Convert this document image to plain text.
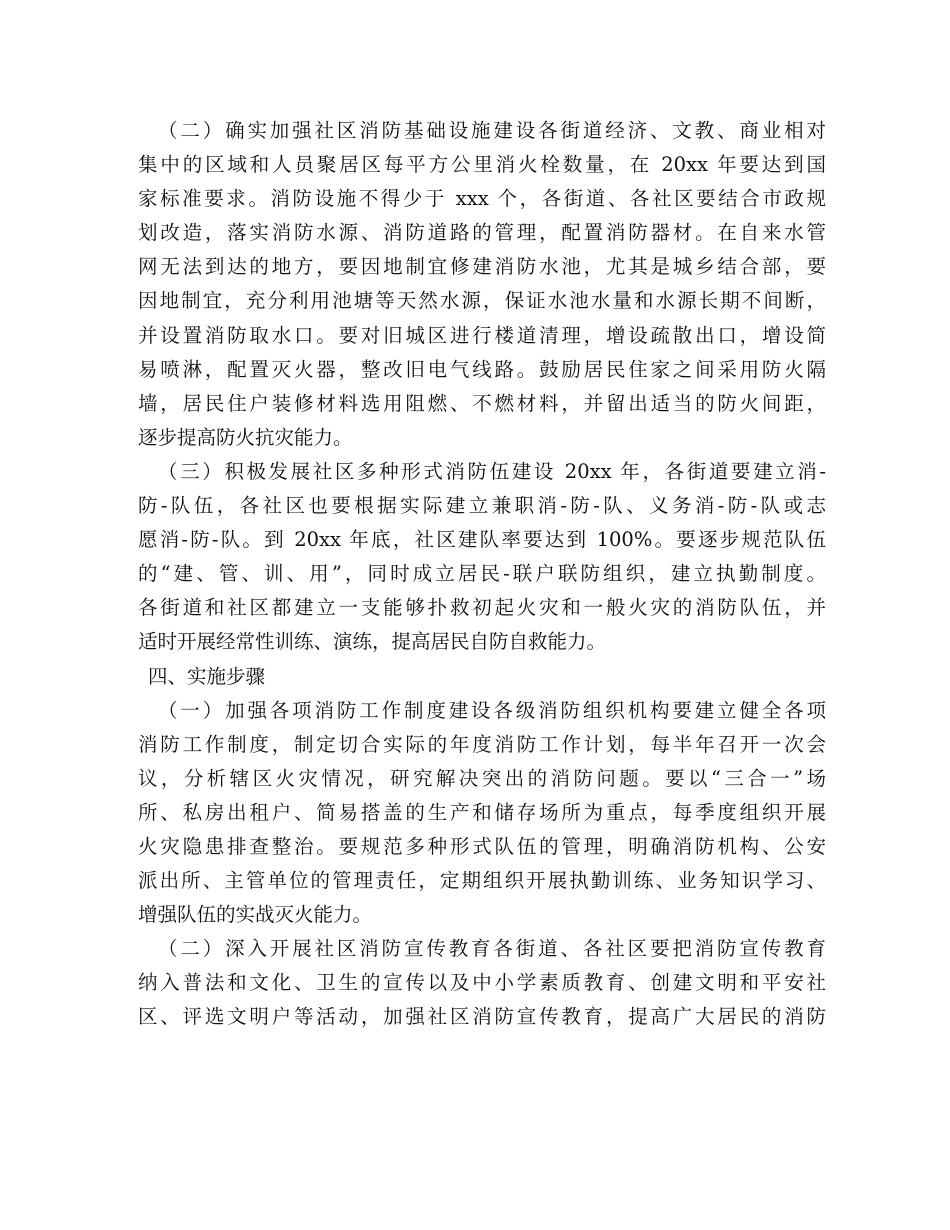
（二）确实加强社区消防基础设施建设各街道经济、文教、商业相对
集中的区域和人员聚居区每平方公里消火栓数量，在 20xx 年要达到国
家标准要求。消防设施不得少于 xxx 个，各街道、各社区要结合市政规
划改造，落实消防水源、消防道路的管理，配置消防器材。在自来水管
网无法到达的地方，要因地制宜修建消防水池，尤其是城乡结合部，要
因地制宜，充分利用池塘等天然水源，保证水池水量和水源长期不间断，
并设置消防取水口。要对旧城区进行楼道清理，增设疏散出口，增设简
易喷淋，配置灭火器，整改旧电气线路。鼓励居民住家之间采用防火隔
墙，居民住户装修材料选用阻燃、不燃材料，并留出适当的防火间距，
逐步提高防火抗灾能力。
（三）积极发展社区多种形式消防伍建设 20xx 年，各街道要建立消-
防-队伍，各社区也要根据实际建立兼职消-防-队、义务消-防-队或志
愿消-防-队。到 20xx 年底，社区建队率要达到 100%。要逐步规范队伍
的“建、管、训、用”，同时成立居民-联户联防组织，建立执勤制度。
各街道和社区都建立一支能够扑救初起火灾和一般火灾的消防队伍，并
适时开展经常性训练、演练，提高居民自防自救能力。
四、实施步骤
（一）加强各项消防工作制度建设各级消防组织机构要建立健全各项
消防工作制度，制定切合实际的年度消防工作计划，每半年召开一次会
议，分析辖区火灾情况，研究解决突出的消防问题。要以“三合一”场
所、私房出租户、简易搭盖的生产和储存场所为重点，每季度组织开展
火灾隐患排查整治。要规范多种形式队伍的管理，明确消防机构、公安
派出所、主管单位的管理责任，定期组织开展执勤训练、业务知识学习、
增强队伍的实战灭火能力。
（二）深入开展社区消防宣传教育各街道、各社区要把消防宣传教育
纳入普法和文化、卫生的宣传以及中小学素质教育、创建文明和平安社
区、评选文明户等活动，加强社区消防宣传教育，提高广大居民的消防
